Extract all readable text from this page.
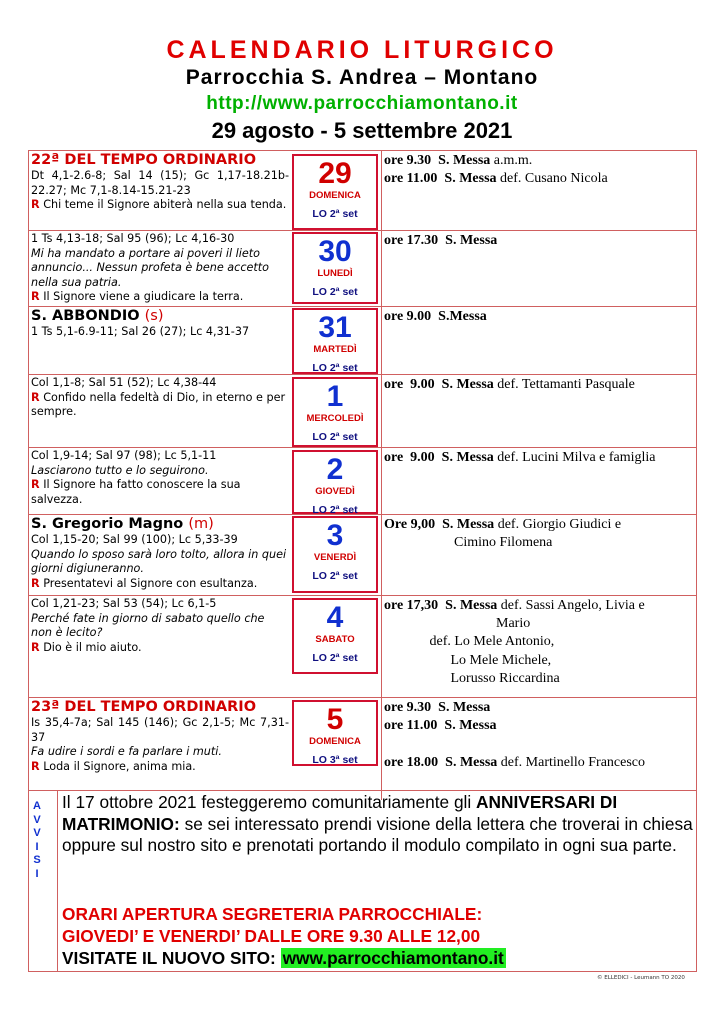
CALENDARIO LITURGICO
Parrocchia S. Andrea – Montano
http://www.parrocchiamontano.it
29 agosto - 5 settembre 2021
22ª DEL TEMPO ORDINARIO
Dt 4,1-2.6-8; Sal 14 (15); Gc 1,17-18.21b-22.27; Mc 7,1-8.14-15.21-23
R Chi teme il Signore abiterà nella sua tenda.
29
DOMENICA
LO 2ª set
ore 9.30  S. Messa a.m.m.
ore 11.00  S. Messa def. Cusano Nicola
1 Ts 4,13-18; Sal 95 (96); Lc 4,16-30
Mi ha mandato a portare ai poveri il lieto annuncio... Nessun profeta è bene accetto nella sua patria.
R Il Signore viene a giudicare la terra.
30
LUNEDÌ
LO 2ª set
ore 17.30  S. Messa
S. ABBONDIO (s)
1 Ts 5,1-6.9-11; Sal 26 (27); Lc 4,31-37	31
MARTEDÌ
LO 2ª set
ore 9.00  S.Messa
Col 1,1-8; Sal 51 (52); Lc 4,38-44
R Confido nella fedeltà di Dio, in eterno e per sempre.	1
MERCOLEDÌ
LO 2ª set
ore  9.00  S. Messa def. Tettamanti Pasquale
Col 1,9-14; Sal 97 (98); Lc 5,1-11
Lasciarono tutto e lo seguirono.
R Il Signore ha fatto conoscere la sua salvezza.
2
GIOVEDÌ
LO 2ª set
ore  9.00  S. Messa def. Lucini Milva e famiglia
S. Gregorio Magno (m)
Col 1,15-20; Sal 99 (100); Lc 5,33-39
Quando lo sposo sarà loro tolto, allora in quei giorni digiuneranno.
R Presentatevi al Signore con esultanza.
3
VENERDÌ
LO 2ª set
Ore 9,00  S. Messa def. Giorgio Giudici e
Cimino Filomena
Col 1,21-23; Sal 53 (54); Lc 6,1-5
Perché fate in giorno di sabato quello che non è lecito?
R Dio è il mio aiuto.
4
SABATO
LO 2ª set
ore 17,30  S. Messa def. Sassi Angelo, Livia e
Mario
def. Lo Mele Antonio,
Lo Mele Michele,
Lorusso Riccardina
23ª DEL TEMPO ORDINARIO
Is 35,4-7a; Sal 145 (146); Gc 2,1-5; Mc 7,31-37
Fa udire i sordi e fa parlare i muti.
R Loda il Signore, anima mia.
5
DOMENICA
LO 3ª set
ore 9.30  S. Messa
ore 11.00  S. Messa

ore 18.00  S. Messa def. Martinello Francesco
A
V
V
I
S
I
Il 17 ottobre 2021 festeggeremo comunitariamente gli ANNIVERSARI DI MATRIMONIO: se sei interessato prendi visione della lettera che troverai in chiesa oppure sul nostro sito e prenotati portando il modulo compilato in ogni sua parte.
ORARI APERTURA SEGRETERIA PARROCCHIALE:
GIOVEDI’ E VENERDI’ DALLE ORE 9.30 ALLE 12,00
VISITATE IL NUOVO SITO: www.parrocchiamontano.it
© ELLEDICI - Leumann TO 2020
